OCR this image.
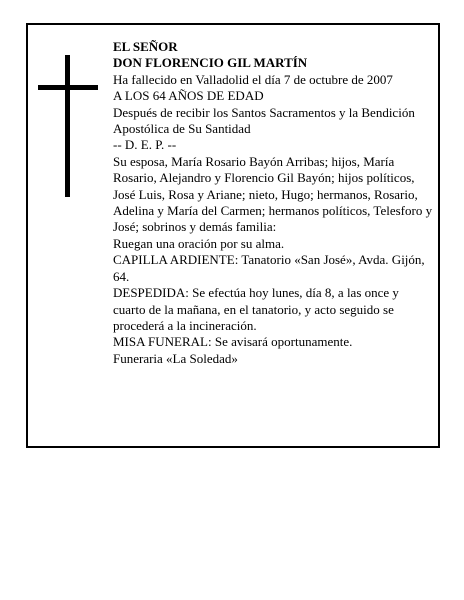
EL SEÑOR

DON FLORENCIO GIL MARTÍN

Ha fallecido en Valladolid el día 7 de octubre de 2007

A LOS 64 AÑOS DE EDAD

Después de recibir los Santos Sacramentos y la Bendición Apostólica de Su Santidad

-- D. E. P. --

Su esposa, María Rosario Bayón Arribas; hijos, María Rosario, Alejandro y Florencio Gil Bayón; hijos políticos, José Luis, Rosa y Ariane; nieto, Hugo; hermanos, Rosario, Adelina y María del Carmen; hermanos políticos, Telesforo y José; sobrinos y demás familia:

Ruegan una oración por su alma.

CAPILLA ARDIENTE: Tanatorio «San José», Avda. Gijón, 64.

DESPEDIDA: Se efectúa hoy lunes, día 8, a las once y cuarto de la mañana, en el tanatorio, y acto seguido se procederá a la incineración.

MISA FUNERAL: Se avisará oportunamente.

Funeraria «La Soledad»
